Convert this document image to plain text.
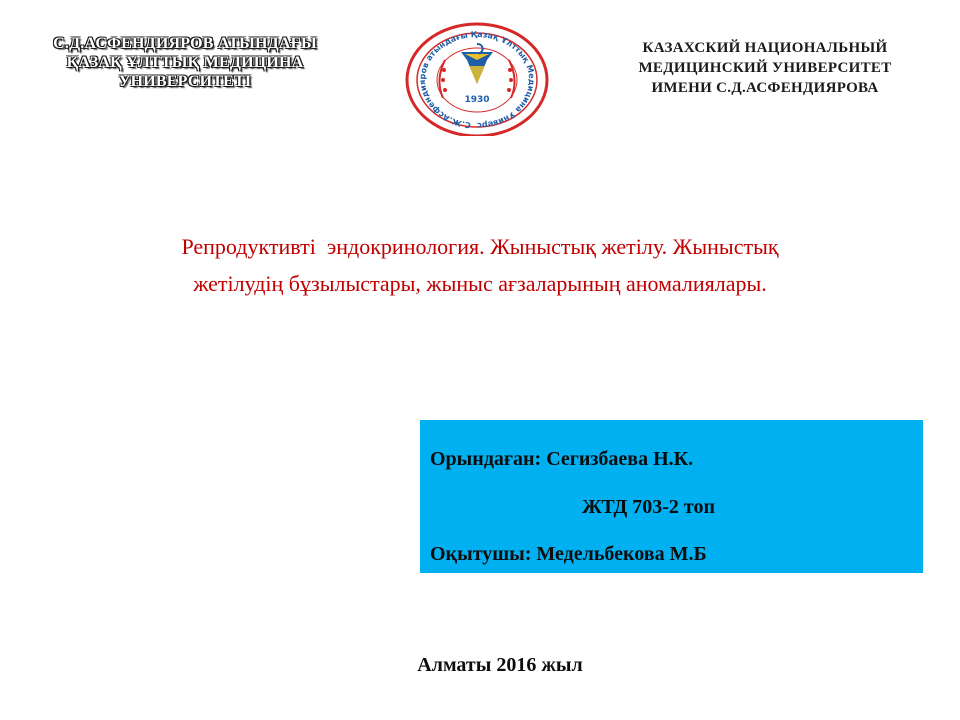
С.Д.АСФЕНДИЯРОВ АТЫНДАҒЫ
ҚАЗАҚ ҰЛТТЫҚ МЕДИЦИНА
УНИВЕРСИТЕТІ
С.Ж.Асфендияров атындағы Қазақ Ұлттық Медицина Универс
1930
КАЗАХСКИЙ НАЦИОНАЛЬНЫЙ
МЕДИЦИНСКИЙ УНИВЕРСИТЕТ
ИМЕНИ С.Д.АСФЕНДИЯРОВА
Репродуктивті  эндокринология. Жыныстық жетілу. Жыныстық
жетілудің бұзылыстары, жыныс ағзаларының аномалиялары.
Орындаған: Сегизбаева Н.К.
ЖТД 703-2 топ
Оқытушы: Медельбекова М.Б
Алматы 2016 жыл
